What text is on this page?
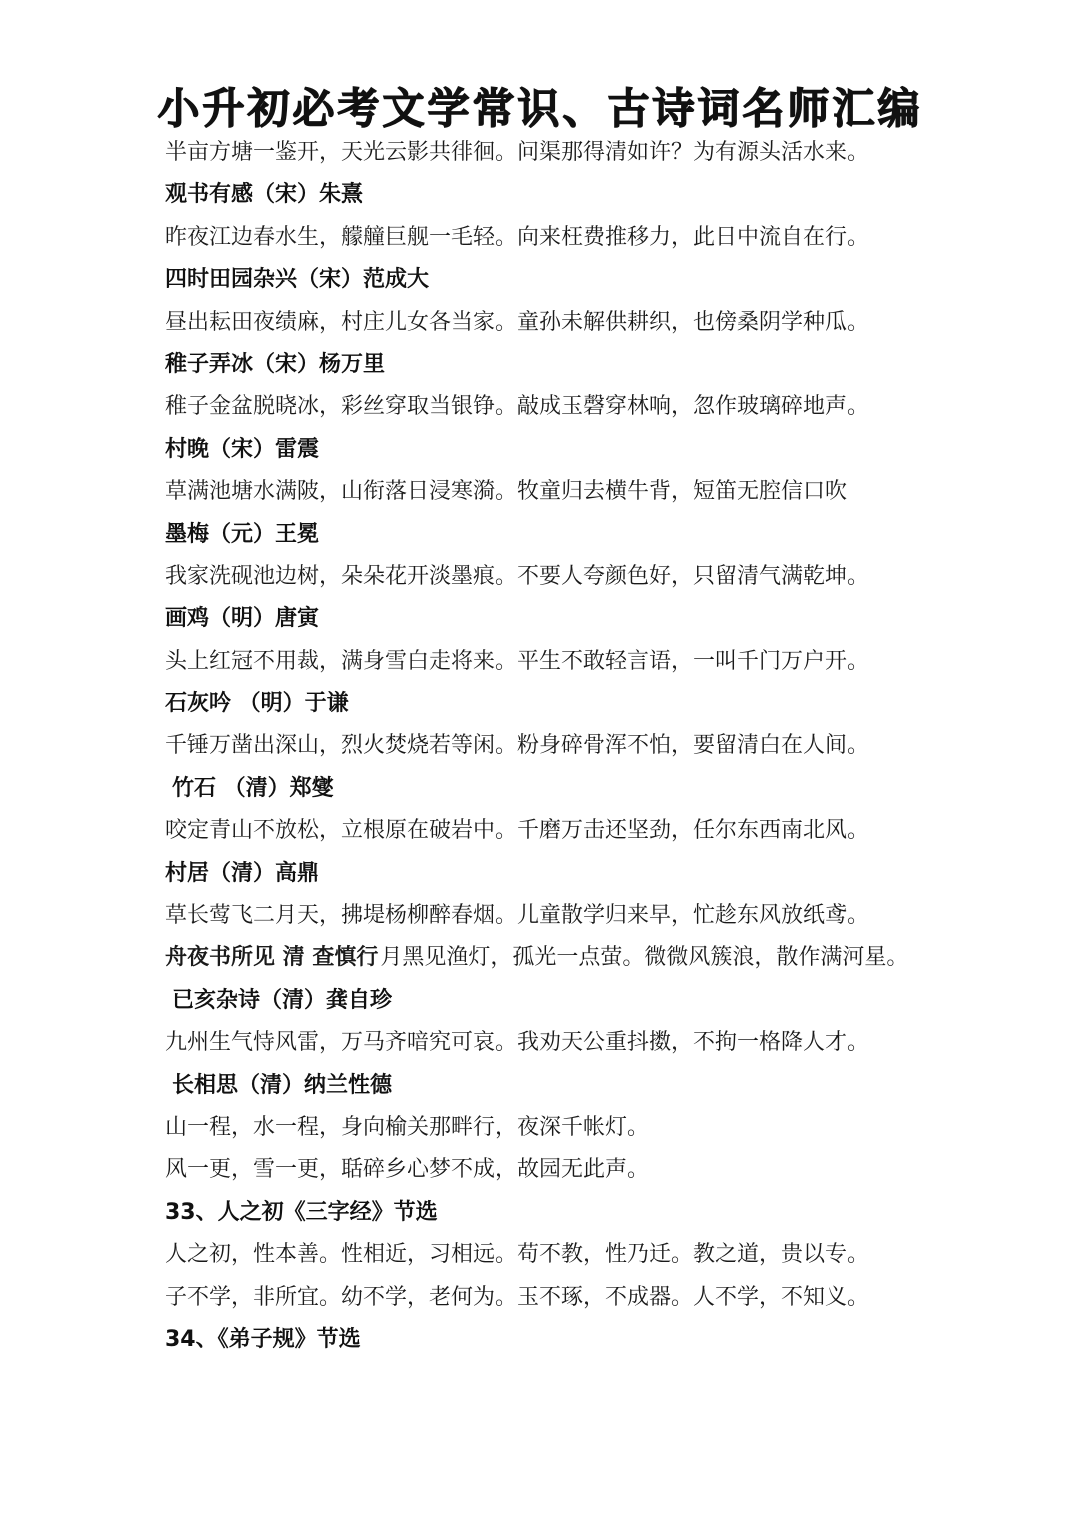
小升初必考文学常识、古诗词名师汇编
半亩方塘一鉴开，天光云影共徘徊。问渠那得清如许？为有源头活水来。
观书有感（宋）朱熹
昨夜江边春水生，艨艟巨舰一毛轻。向来枉费推移力，此日中流自在行。
四时田园杂兴（宋）范成大
昼出耘田夜绩麻，村庄儿女各当家。童孙未解供耕织，也傍桑阴学种瓜。
稚子弄冰（宋）杨万里
稚子金盆脱晓冰，彩丝穿取当银铮。敲成玉磬穿林响，忽作玻璃碎地声。
村晚（宋）雷震
草满池塘水满陂，山衔落日浸寒漪。牧童归去横牛背，短笛无腔信口吹
墨梅（元）王冕
我家洗砚池边树，朵朵花开淡墨痕。不要人夸颜色好，只留清气满乾坤。
画鸡（明）唐寅
头上红冠不用裁，满身雪白走将来。平生不敢轻言语，一叫千门万户开。
石灰吟 （明）于谦
千锤万凿出深山，烈火焚烧若等闲。粉身碎骨浑不怕，要留清白在人间。
竹石 （清）郑燮
咬定青山不放松，立根原在破岩中。千磨万击还坚劲，任尔东西南北风。
村居（清）高鼎
草长莺飞二月天，拂堤杨柳醉春烟。儿童散学归来早，忙趁东风放纸鸢。
舟夜书所见 清 查慎行月黑见渔灯，孤光一点萤。微微风簇浪，散作满河星。
已亥杂诗（清）龚自珍
九州生气恃风雷，万马齐喑究可哀。我劝天公重抖擞，不拘一格降人才。
长相思（清）纳兰性德
山一程，水一程，身向榆关那畔行，夜深千帐灯。
风一更，雪一更，聒碎乡心梦不成，故园无此声。
33、人之初《三字经》节选
人之初，性本善。性相近，习相远。苟不教，性乃迁。教之道，贵以专。
子不学，非所宜。幼不学，老何为。玉不琢，不成器。人不学，不知义。
34、《弟子规》节选
